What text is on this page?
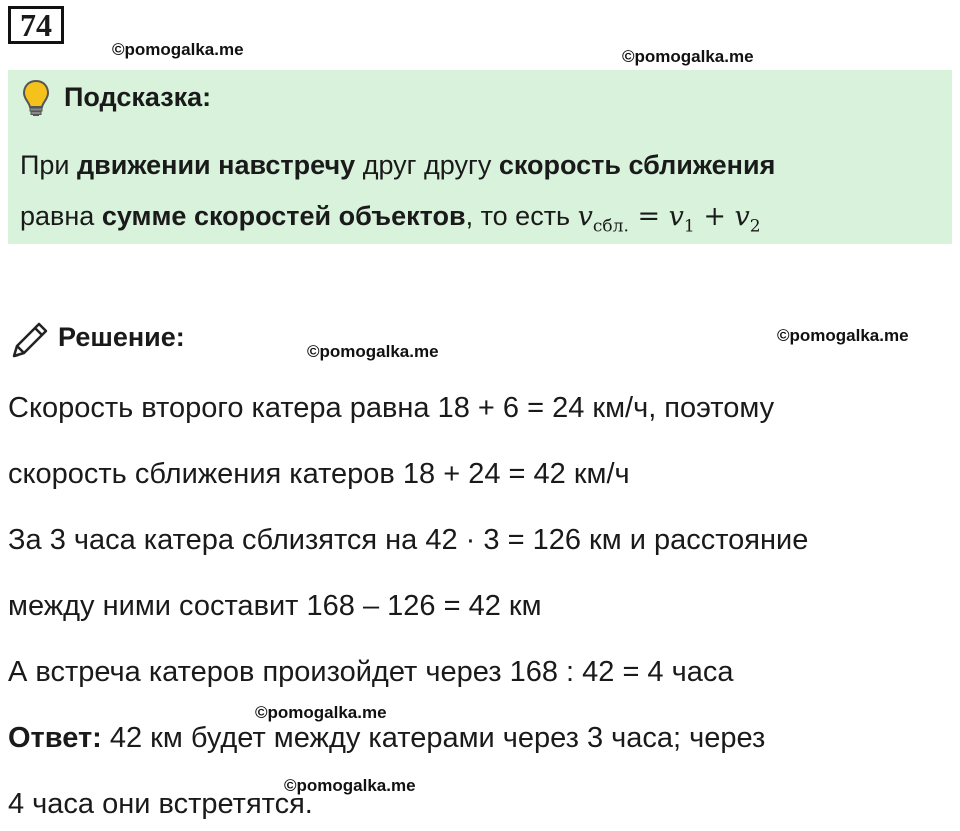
74
©pomogalka.me	©pomogalka.me
©pomogalka.me
©pomogalka.me
©pomogalka.me
©pomogalka.me
Подсказка:
При движении навстречу друг другу скорость сближения
равна сумме скоростей объектов, то есть $v_{сбл.} = v_1 + v_2$
Решение:
Скорость второго катера равна 18 + 6 = 24 км/ч, поэтому
скорость сближения катеров 18 + 24 = 42 км/ч
За 3 часа катера сблизятся на 42 · 3 = 126 км и расстояние
между ними составит 168 – 126 = 42 км
А встреча катеров произойдет через 168 : 42 = 4 часа
Ответ: 42 км будет между катерами через 3 часа; через
4 часа они встретятся.
